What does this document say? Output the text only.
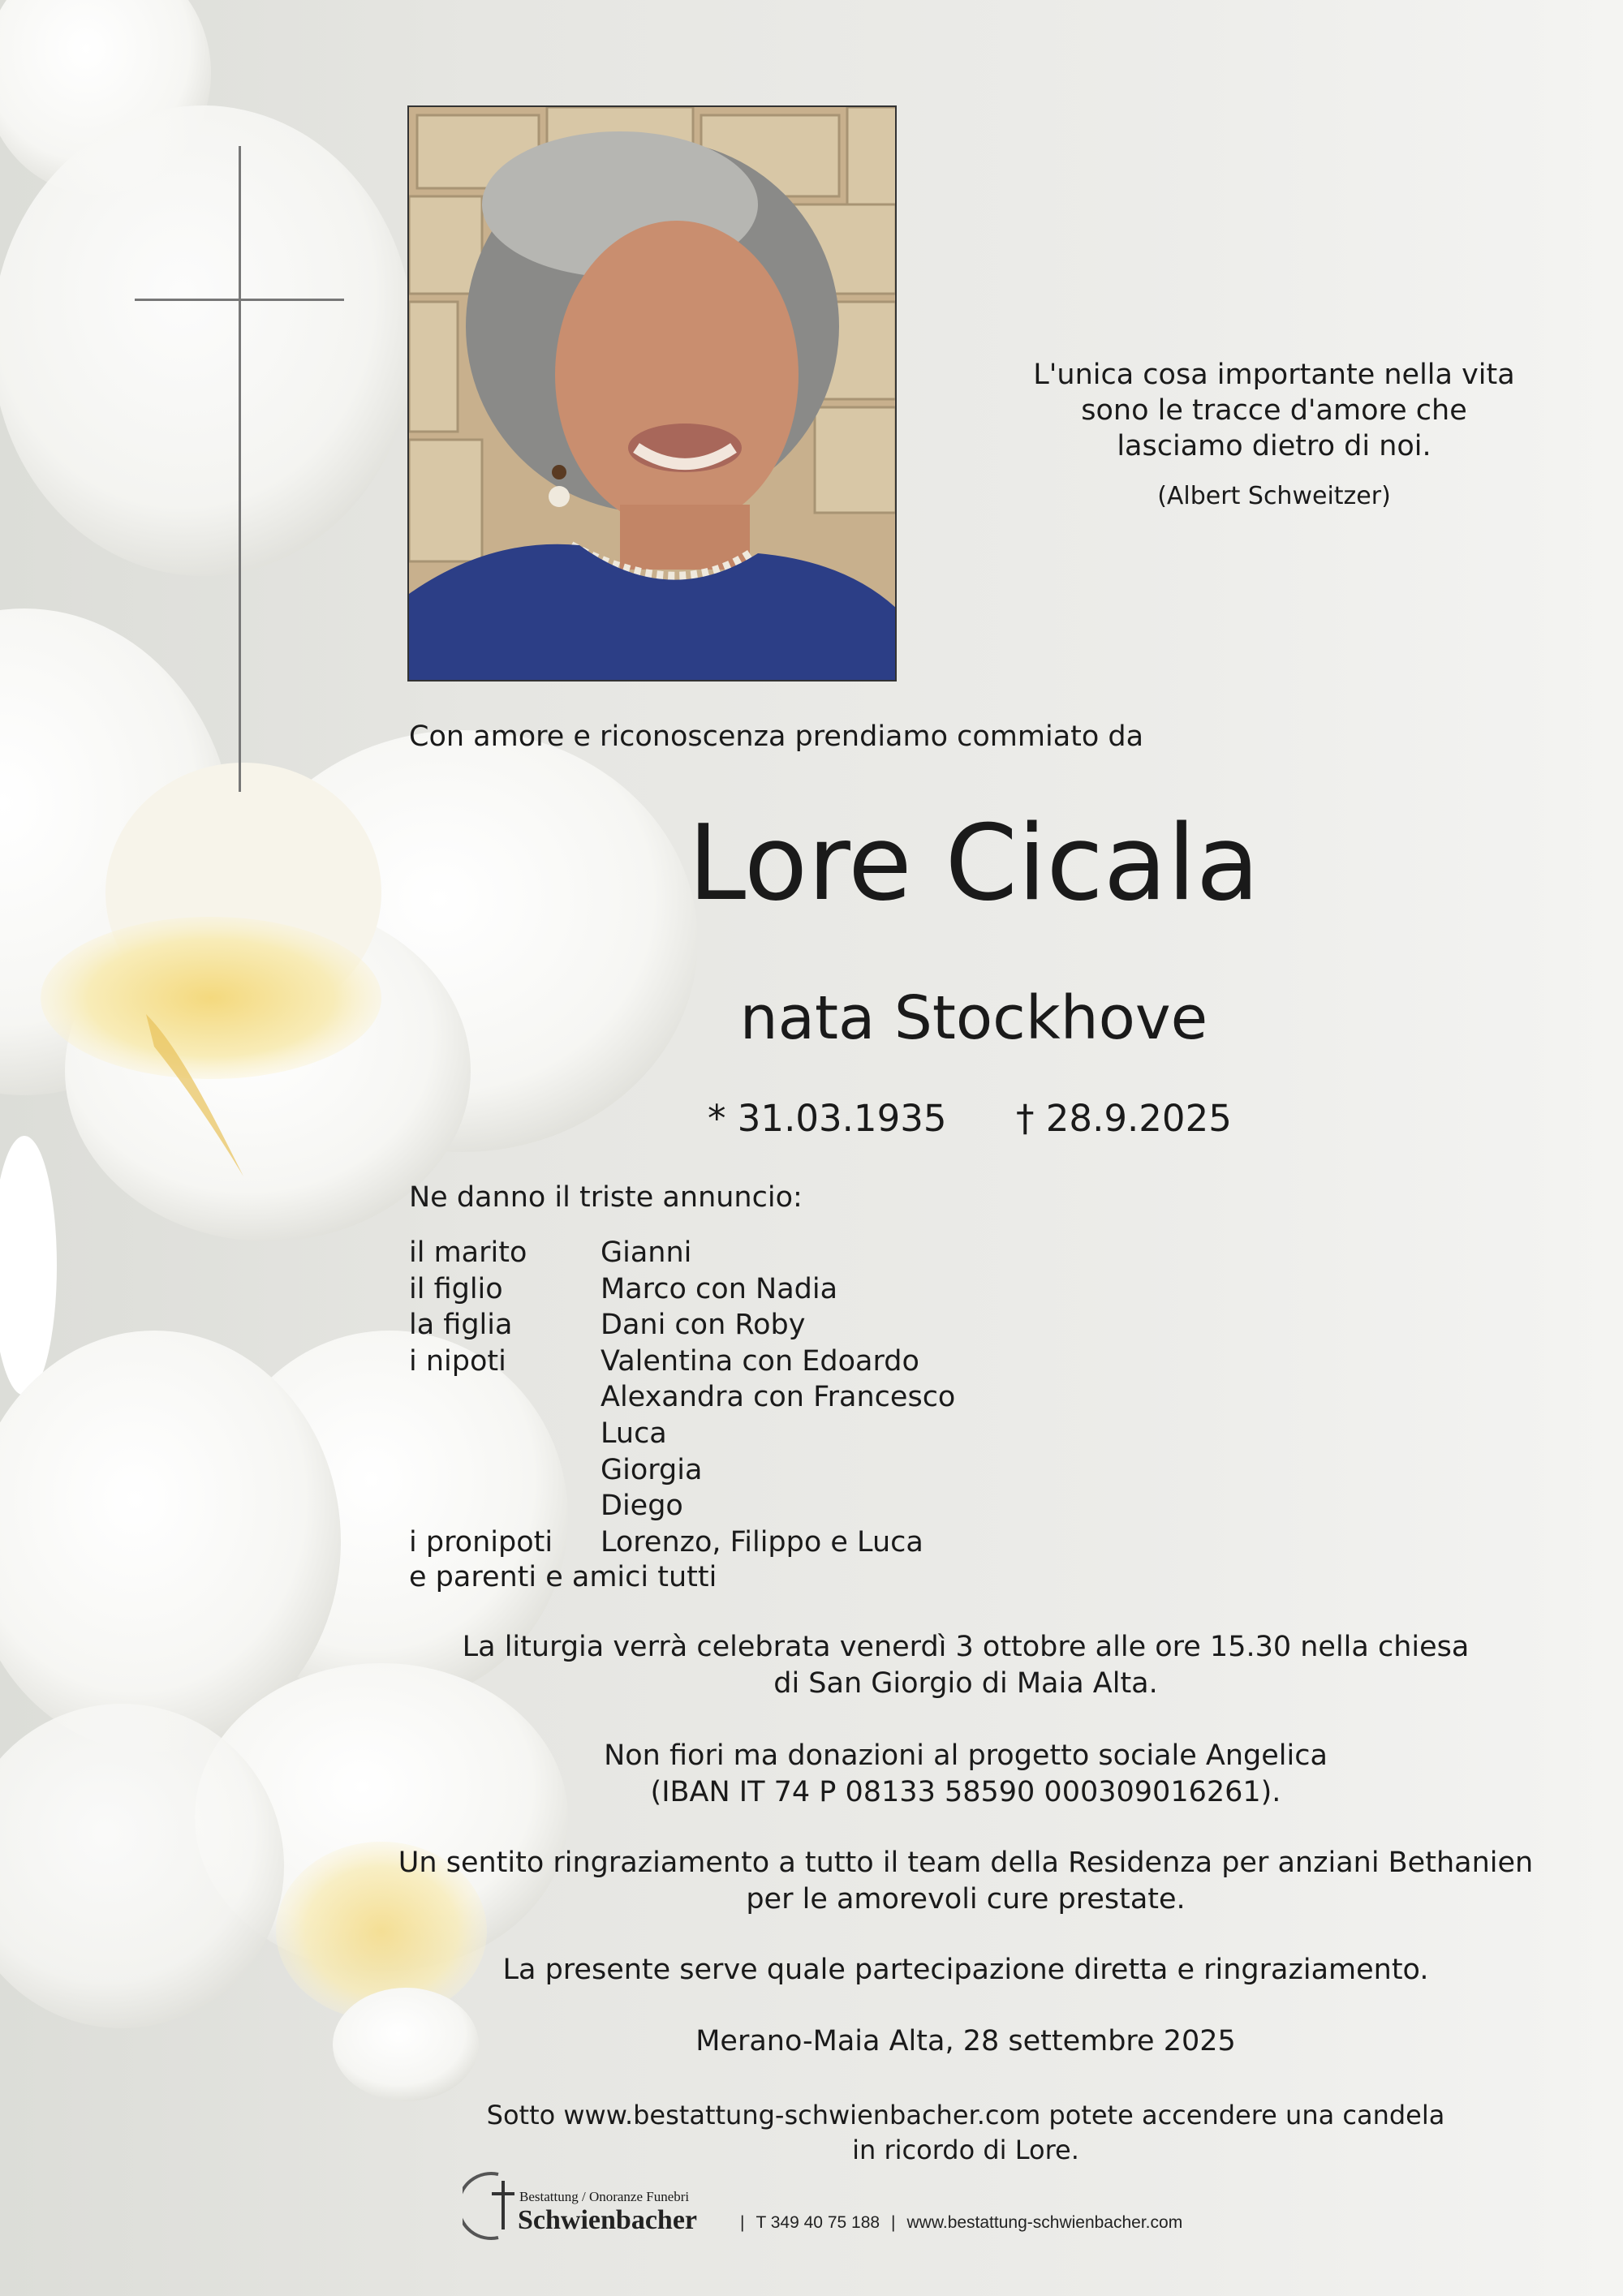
L'unica cosa importante nella vita
sono le tracce d'amore che
lasciamo dietro di noi.
(Albert Schweitzer)
Con amore e riconoscenza prendiamo commiato da
Lore Cicala
nata Stockhove
* 31.03.1935 † 28.9.2025
Ne danno il triste annuncio:
il marito	Gianni
il figlio	Marco con Nadia
la figlia	Dani con Roby
i nipoti	Valentina con Edoardo
Alexandra con Francesco
Luca
Giorgia
Diego
i pronipoti	Lorenzo, Filippo e Luca
e parenti e amici tutti
La liturgia verrà celebrata venerdì 3 ottobre alle ore 15.30 nella chiesa
di San Giorgio di Maia Alta.
Non fiori ma donazioni al progetto sociale Angelica
(IBAN IT 74 P 08133 58590 000309016261).
Un sentito ringraziamento a tutto il team della Residenza per anziani Bethanien
per le amorevoli cure prestate.
La presente serve quale partecipazione diretta e ringraziamento.
Merano-Maia Alta, 28 settembre 2025
Sotto www.bestattung-schwienbacher.com potete accendere una candela
in ricordo di Lore.
Bestattung / Onoranze Funebri
Schwienbacher	| T 349 40 75 188 | www.bestattung-schwienbacher.com
